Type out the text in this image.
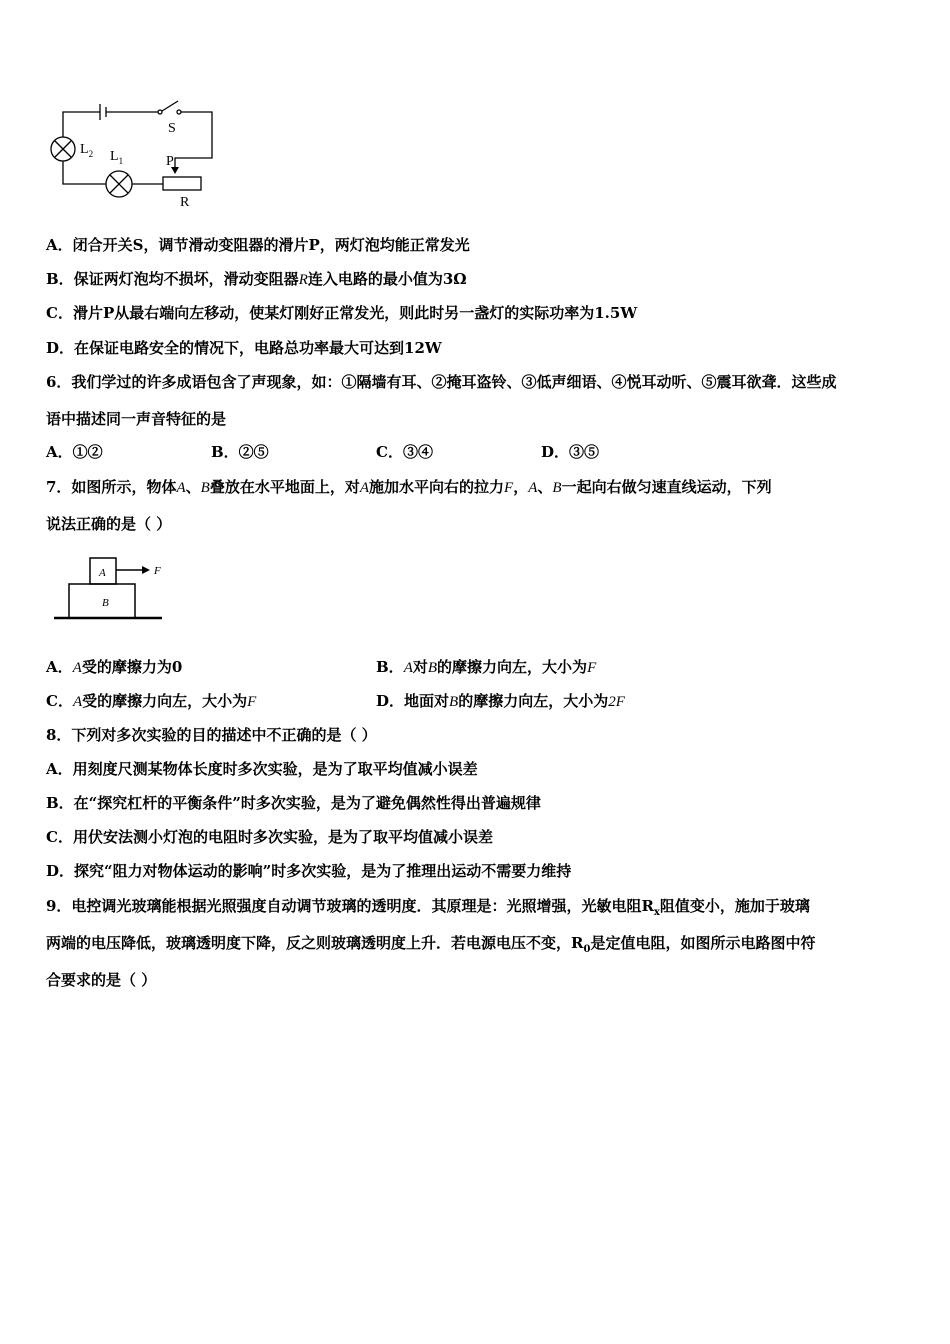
$L_2$ $L_1$
S
P
R
A．闭合开关S，调节滑动变阻器的滑片P，两灯泡均能正常发光
B．保证两灯泡均不损坏，滑动变阻器R连入电路的最小值为3Ω
C．滑片P从最右端向左移动，使某灯刚好正常发光，则此时另一盏灯的实际功率为1.5W
D．在保证电路安全的情况下，电路总功率最大可达到12W
6．我们学过的许多成语包含了声现象，如：①隔墙有耳、②掩耳盗铃、③低声细语、④悦耳动听、⑤震耳欲聋．这些成
语中描述同一声音特征的是
A．①②	B．②⑤	C．③④	D．③⑤
7．如图所示，物体A、B叠放在水平地面上，对A施加水平向右的拉力F，A、B一起向右做匀速直线运动，下列
说法正确的是（ ）
A
B
F
A．A受的摩擦力为0	B．A对B的摩擦力向左，大小为F
C．A受的摩擦力向左，大小为F	D．地面对B的摩擦力向左，大小为2F
8．下列对多次实验的目的描述中不正确的是（ ）
A．用刻度尺测某物体长度时多次实验，是为了取平均值减小误差
B．在“探究杠杆的平衡条件”时多次实验，是为了避免偶然性得出普遍规律
C．用伏安法测小灯泡的电阻时多次实验，是为了取平均值减小误差
D．探究“阻力对物体运动的影响”时多次实验，是为了推理出运动不需要力维持
9．电控调光玻璃能根据光照强度自动调节玻璃的透明度．其原理是：光照增强，光敏电阻$R_x$阻值变小，施加于玻璃
两端的电压降低，玻璃透明度下降，反之则玻璃透明度上升．若电源电压不变，$R_0$是定值电阻，如图所示电路图中符
合要求的是（ ）
